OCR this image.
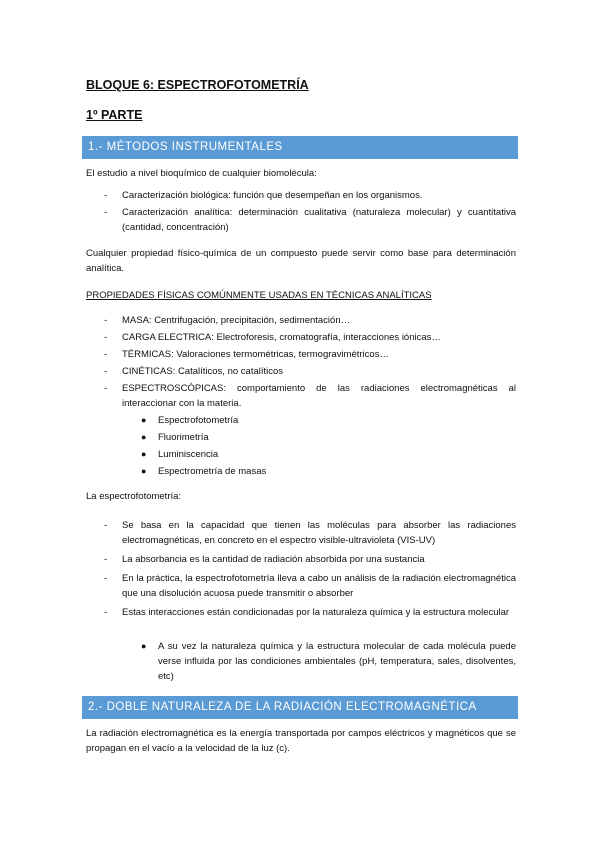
BLOQUE 6: ESPECTROFOTOMETRÍA
1º PARTE
1.- MÉTODOS INSTRUMENTALES
El estudio a nivel bioquímico de cualquier biomolécula:
- Caracterización biológica: función que desempeñan en los organismos.
- Caracterización analítica: determinación cualitativa (naturaleza molecular) y cuantitativa (cantidad, concentración)
Cualquier propiedad físico-química de un compuesto puede servir como base para determinación analítica.
PROPIEDADES FÍSICAS COMÚNMENTE USADAS EN TÉCNICAS ANALÍTICAS
- MASA: Centrifugación, precipitación, sedimentación…
- CARGA ELECTRICA: Electroforesis, cromatografía, interacciones iónicas…
- TÉRMICAS: Valoraciones termométricas, termogravimétricos…
- CINÉTICAS: Catalíticos, no catalíticos
- ESPECTROSCÓPICAS: comportamiento de las radiaciones electromagnéticas al interaccionar con la materia.
● Espectrofotometría
● Fluorimetría
● Luminiscencia
● Espectrometría de masas
La espectrofotometría:
- Se basa en la capacidad que tienen las moléculas para absorber las radiaciones electromagnéticas, en concreto en el espectro visible-ultravioleta (VIS-UV)
- La absorbancia es la cantidad de radiación absorbida por una sustancia
- En la práctica, la espectrofotometría lleva a cabo un análisis de la radiación electromagnética que una disolución acuosa puede transmitir o absorber
- Estas interacciones están condicionadas por la naturaleza química y la estructura molecular
● A su vez la naturaleza química y la estructura molecular de cada molécula puede verse influida por las condiciones ambientales (pH, temperatura, sales, disolventes, etc)
2.- DOBLE NATURALEZA DE LA RADIACIÓN ELECTROMAGNÉTICA
La radiación electromagnética es la energía transportada por campos eléctricos y magnéticos que se propagan en el vacío a la velocidad de la luz (c).
